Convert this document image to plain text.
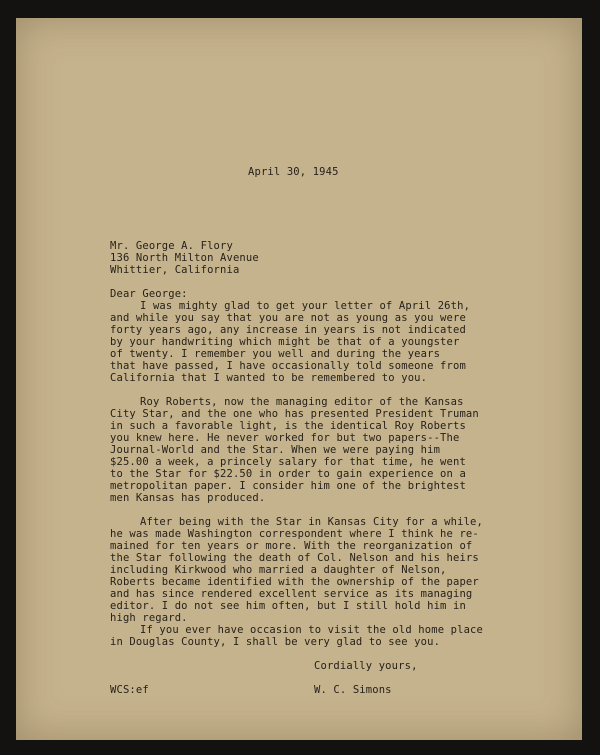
April 30, 1945
Mr. George A. Flory
136 North Milton Avenue
Whittier, California
Dear George:
I was mighty glad to get your letter of April 26th,
and while you say that you are not as young as you were
forty years ago, any increase in years is not indicated
by your handwriting which might be that of a youngster
of twenty. I remember you well and during the years
that have passed, I have occasionally told someone from
California that I wanted to be remembered to you.
Roy Roberts, now the managing editor of the Kansas
City Star, and the one who has presented President Truman
in such a favorable light, is the identical Roy Roberts
you knew here. He never worked for but two papers--The
Journal-World and the Star. When we were paying him
$25.00 a week, a princely salary for that time, he went
to the Star for $22.50 in order to gain experience on a
metropolitan paper. I consider him one of the brightest
men Kansas has produced.
After being with the Star in Kansas City for a while,
he was made Washington correspondent where I think he re-
mained for ten years or more. With the reorganization of
the Star following the death of Col. Nelson and his heirs
including Kirkwood who married a daughter of Nelson,
Roberts became identified with the ownership of the paper
and has since rendered excellent service as its managing
editor. I do not see him often, but I still hold him in
high regard.
If you ever have occasion to visit the old home place
in Douglas County, I shall be very glad to see you.
Cordially yours,
WCS:ef	W. C. Simons
